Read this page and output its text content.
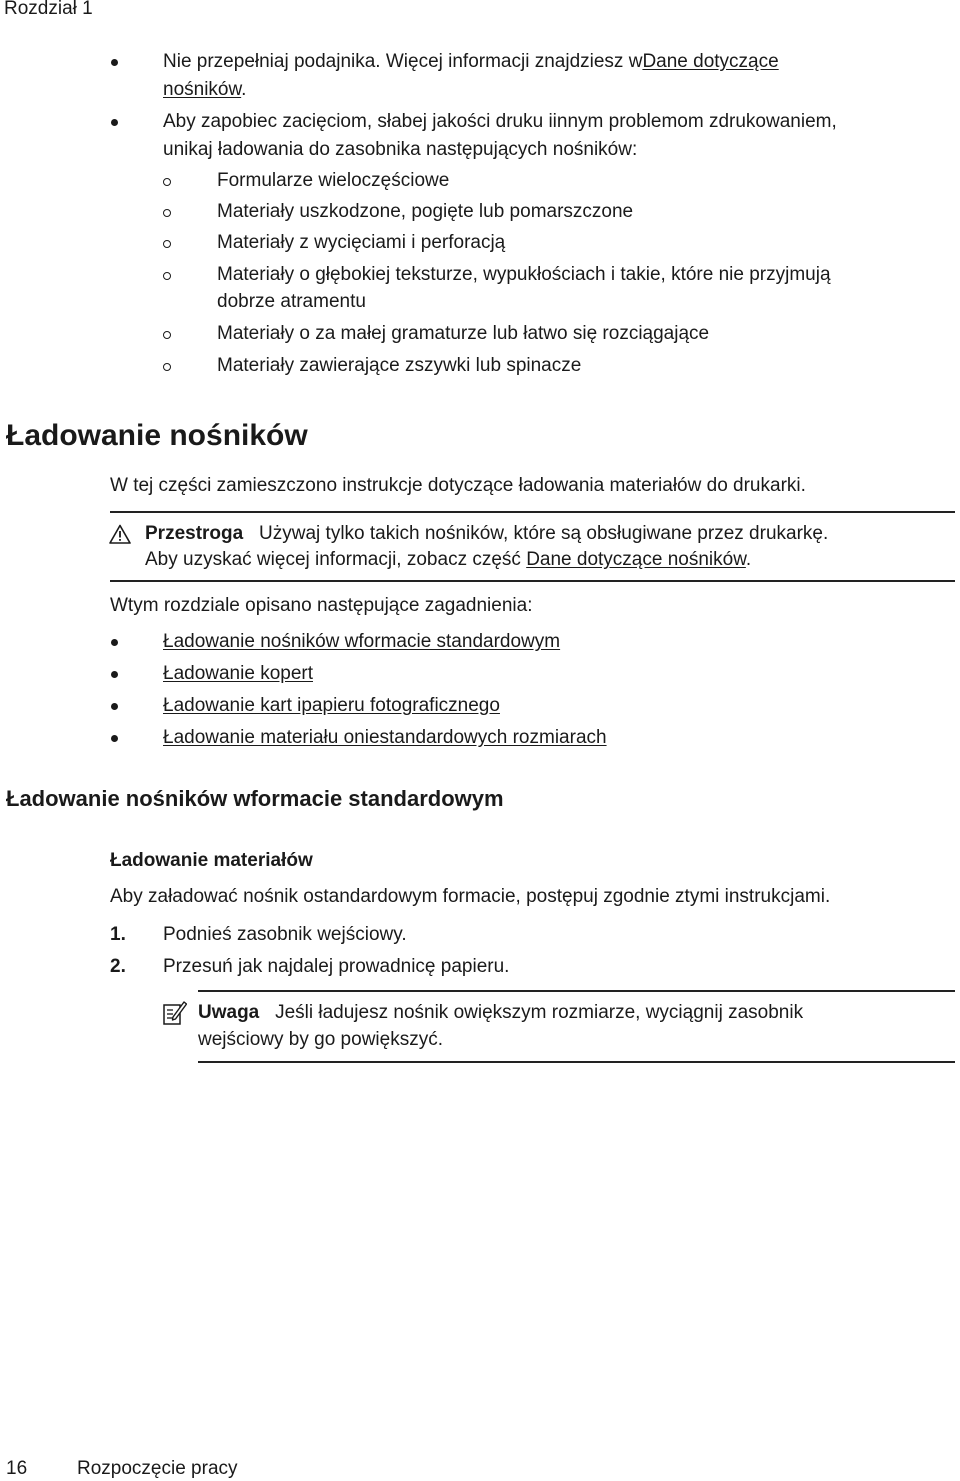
Rozdział 1
Nie przepełniaj podajnika. Więcej informacji znajdziesz wDane dotyczące
nośników.
Aby zapobiec zacięciom, słabej jakości druku iinnym problemom zdrukowaniem,
unikaj ładowania do zasobnika następujących nośników:
Formularze wieloczęściowe
Materiały uszkodzone, pogięte lub pomarszczone
Materiały z wycięciami i perforacją
Materiały o głębokiej teksturze, wypukłościach i takie, które nie przyjmują
dobrze atramentu
Materiały o za małej gramaturze lub łatwo się rozciągające
Materiały zawierające zszywki lub spinacze
Ładowanie nośników
W tej części zamieszczono instrukcje dotyczące ładowania materiałów do drukarki.
Przestroga Używaj tylko takich nośników, które są obsługiwane przez drukarkę.
Aby uzyskać więcej informacji, zobacz część Dane dotyczące nośników.
Wtym rozdziale opisano następujące zagadnienia:
Ładowanie nośników wformacie standardowym
Ładowanie kopert
Ładowanie kart ipapieru fotograficznego
Ładowanie materiału oniestandardowych rozmiarach
Ładowanie nośników wformacie standardowym
Ładowanie materiałów
Aby załadować nośnik ostandardowym formacie, postępuj zgodnie ztymi instrukcjami.
1. Podnieś zasobnik wejściowy.
2. Przesuń jak najdalej prowadnicę papieru.
Uwaga Jeśli ładujesz nośnik owiększym rozmiarze, wyciągnij zasobnik
wejściowy by go powiększyć.
16	Rozpoczęcie pracy
